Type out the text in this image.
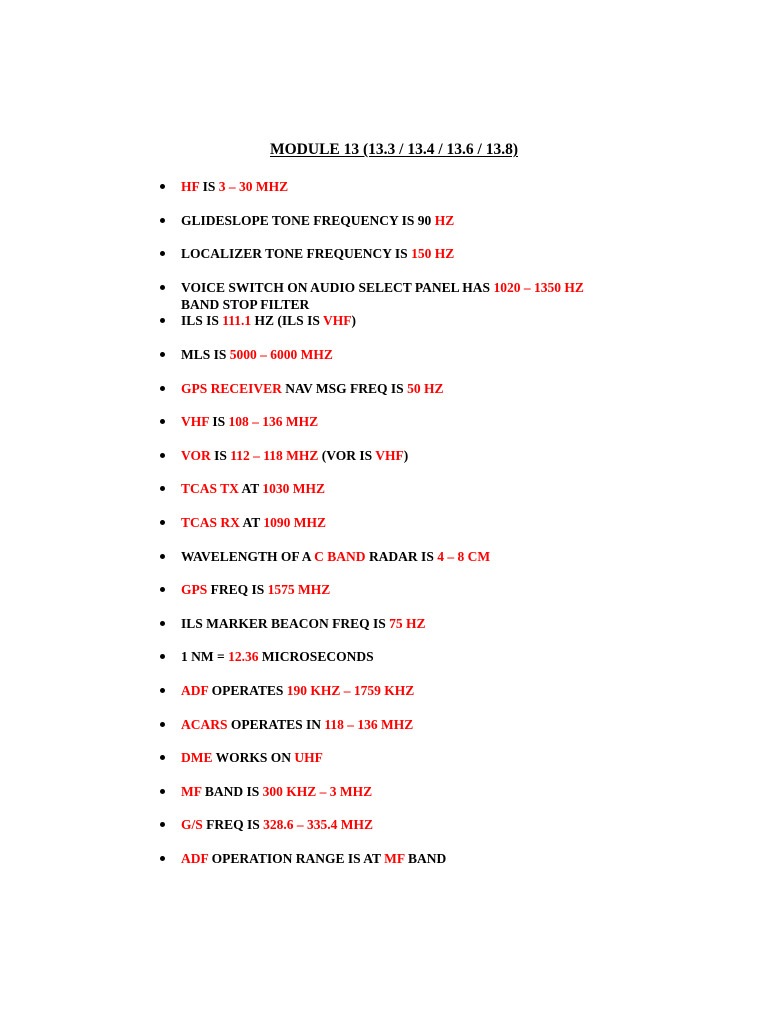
MODULE 13 (13.3 / 13.4 / 13.6 / 13.8)
HF IS 3 – 30 MHZ
GLIDESLOPE TONE FREQUENCY IS 90 HZ
LOCALIZER TONE FREQUENCY IS 150 HZ
VOICE SWITCH ON AUDIO SELECT PANEL HAS 1020 – 1350 HZ
BAND STOP FILTER
ILS IS 111.1 HZ (ILS IS VHF)
MLS IS 5000 – 6000 MHZ
GPS RECEIVER NAV MSG FREQ IS 50 HZ
VHF IS 108 – 136 MHZ
VOR IS 112 – 118 MHZ (VOR IS VHF)
TCAS TX AT 1030 MHZ
TCAS RX AT 1090 MHZ
WAVELENGTH OF A C BAND RADAR IS 4 – 8 CM
GPS FREQ IS 1575 MHZ
ILS MARKER BEACON FREQ IS 75 HZ
1 NM = 12.36 MICROSECONDS
ADF OPERATES 190 KHZ – 1759 KHZ
ACARS OPERATES IN 118 – 136 MHZ
DME WORKS ON UHF
MF BAND IS 300 KHZ – 3 MHZ
G/S FREQ IS 328.6 – 335.4 MHZ
ADF OPERATION RANGE IS AT MF BAND
